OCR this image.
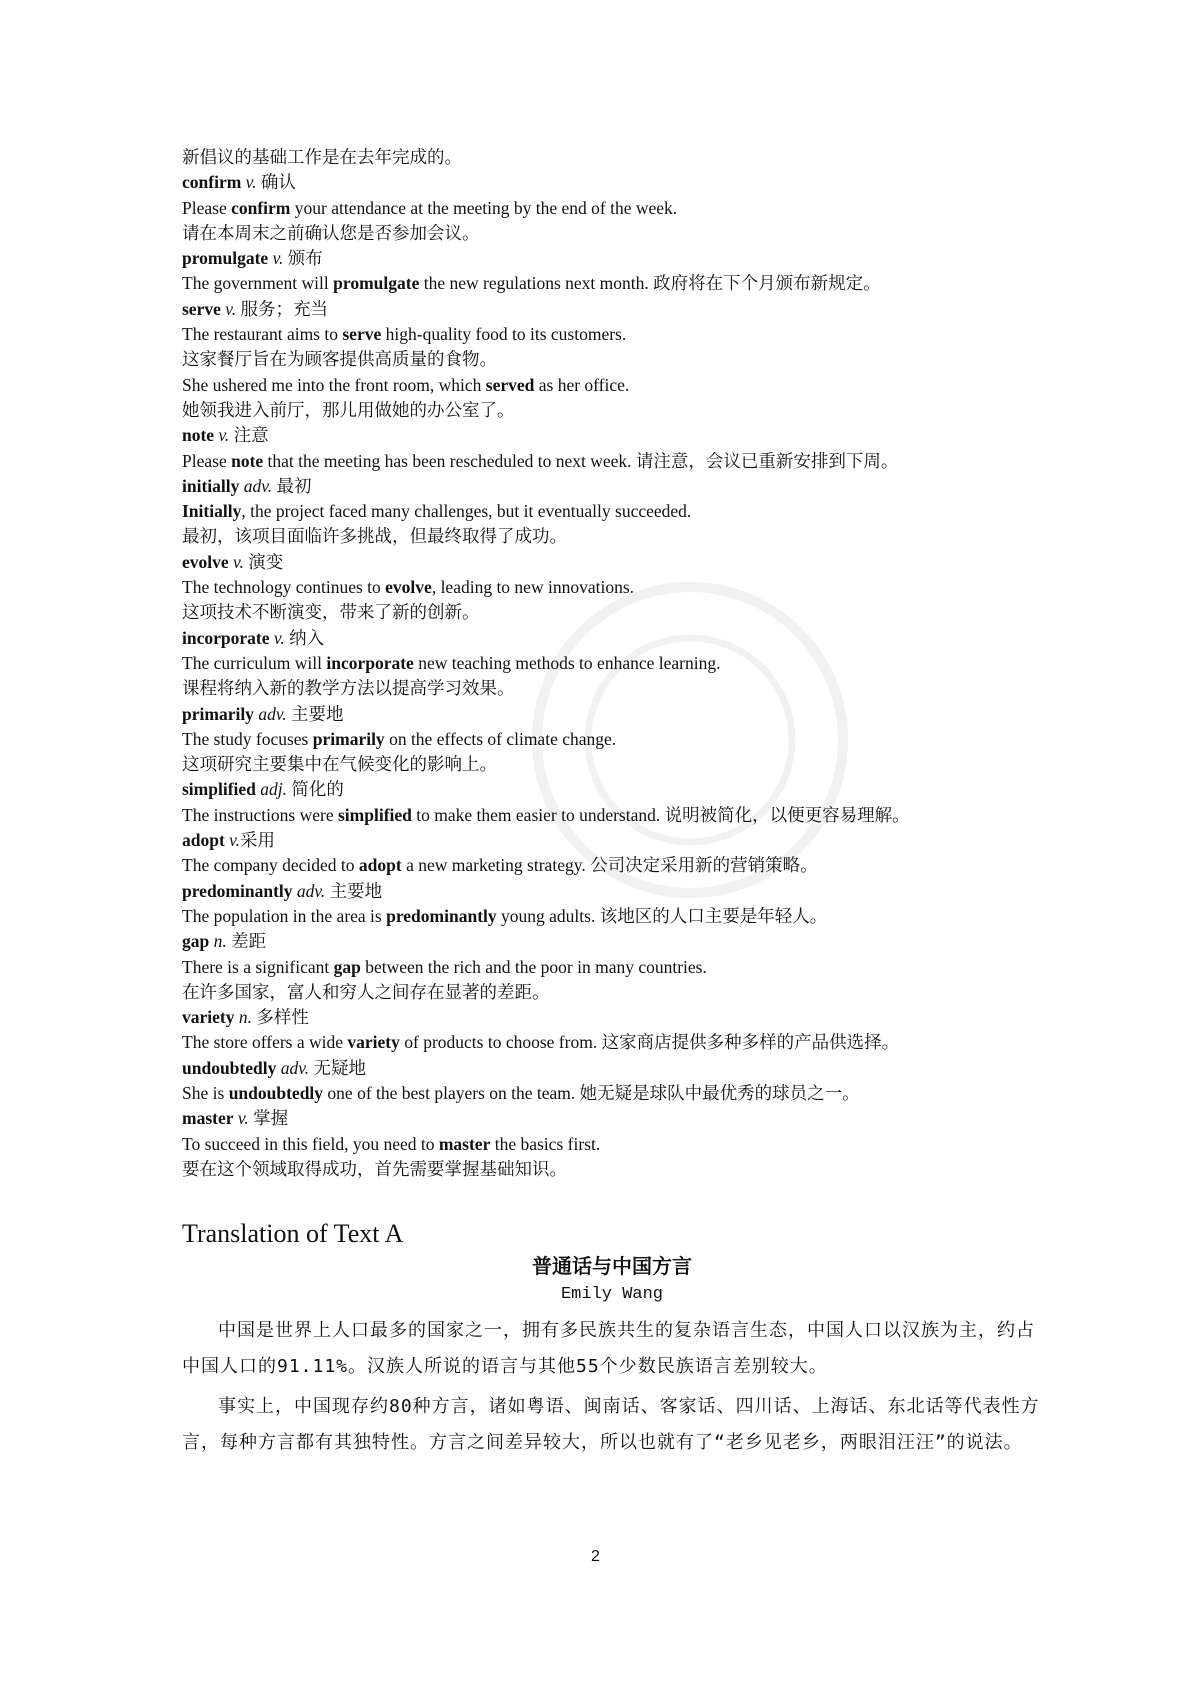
新倡议的基础工作是在去年完成的。
confirm v. 确认
Please confirm your attendance at the meeting by the end of the week.
请在本周末之前确认您是否参加会议。
promulgate v. 颁布
The government will promulgate the new regulations next month. 政府将在下个月颁布新规定。
serve v. 服务；充当
The restaurant aims to serve high-quality food to its customers.
这家餐厅旨在为顾客提供高质量的食物。
She ushered me into the front room, which served as her office.
她领我进入前厅，那儿用做她的办公室了。
note v. 注意
Please note that the meeting has been rescheduled to next week. 请注意，会议已重新安排到下周。
initially adv. 最初
Initially, the project faced many challenges, but it eventually succeeded.
最初，该项目面临许多挑战，但最终取得了成功。
evolve v. 演变
The technology continues to evolve, leading to new innovations.
这项技术不断演变，带来了新的创新。
incorporate v. 纳入
The curriculum will incorporate new teaching methods to enhance learning.
课程将纳入新的教学方法以提高学习效果。
primarily adv. 主要地
The study focuses primarily on the effects of climate change.
这项研究主要集中在气候变化的影响上。
simplified adj. 简化的
The instructions were simplified to make them easier to understand. 说明被简化，以便更容易理解。
adopt v.采用
The company decided to adopt a new marketing strategy. 公司决定采用新的营销策略。
predominantly adv. 主要地
The population in the area is predominantly young adults. 该地区的人口主要是年轻人。
gap n. 差距
There is a significant gap between the rich and the poor in many countries.
在许多国家，富人和穷人之间存在显著的差距。
variety n. 多样性
The store offers a wide variety of products to choose from. 这家商店提供多种多样的产品供选择。
undoubtedly adv. 无疑地
She is undoubtedly one of the best players on the team. 她无疑是球队中最优秀的球员之一。
master v. 掌握
To succeed in this field, you need to master the basics first.
要在这个领域取得成功，首先需要掌握基础知识。
Translation of Text A
普通话与中国方言
Emily Wang
中国是世界上人口最多的国家之一，拥有多民族共生的复杂语言生态，中国人口以汉族为主，约占中国人口的91.11%。汉族人所说的语言与其他55个少数民族语言差别较大。
事实上，中国现存约80种方言，诸如粤语、闽南话、客家话、四川话、上海话、东北话等代表性方言，每种方言都有其独特性。方言之间差异较大，所以也就有了“老乡见老乡，两眼泪汪汪”的说法。
2
